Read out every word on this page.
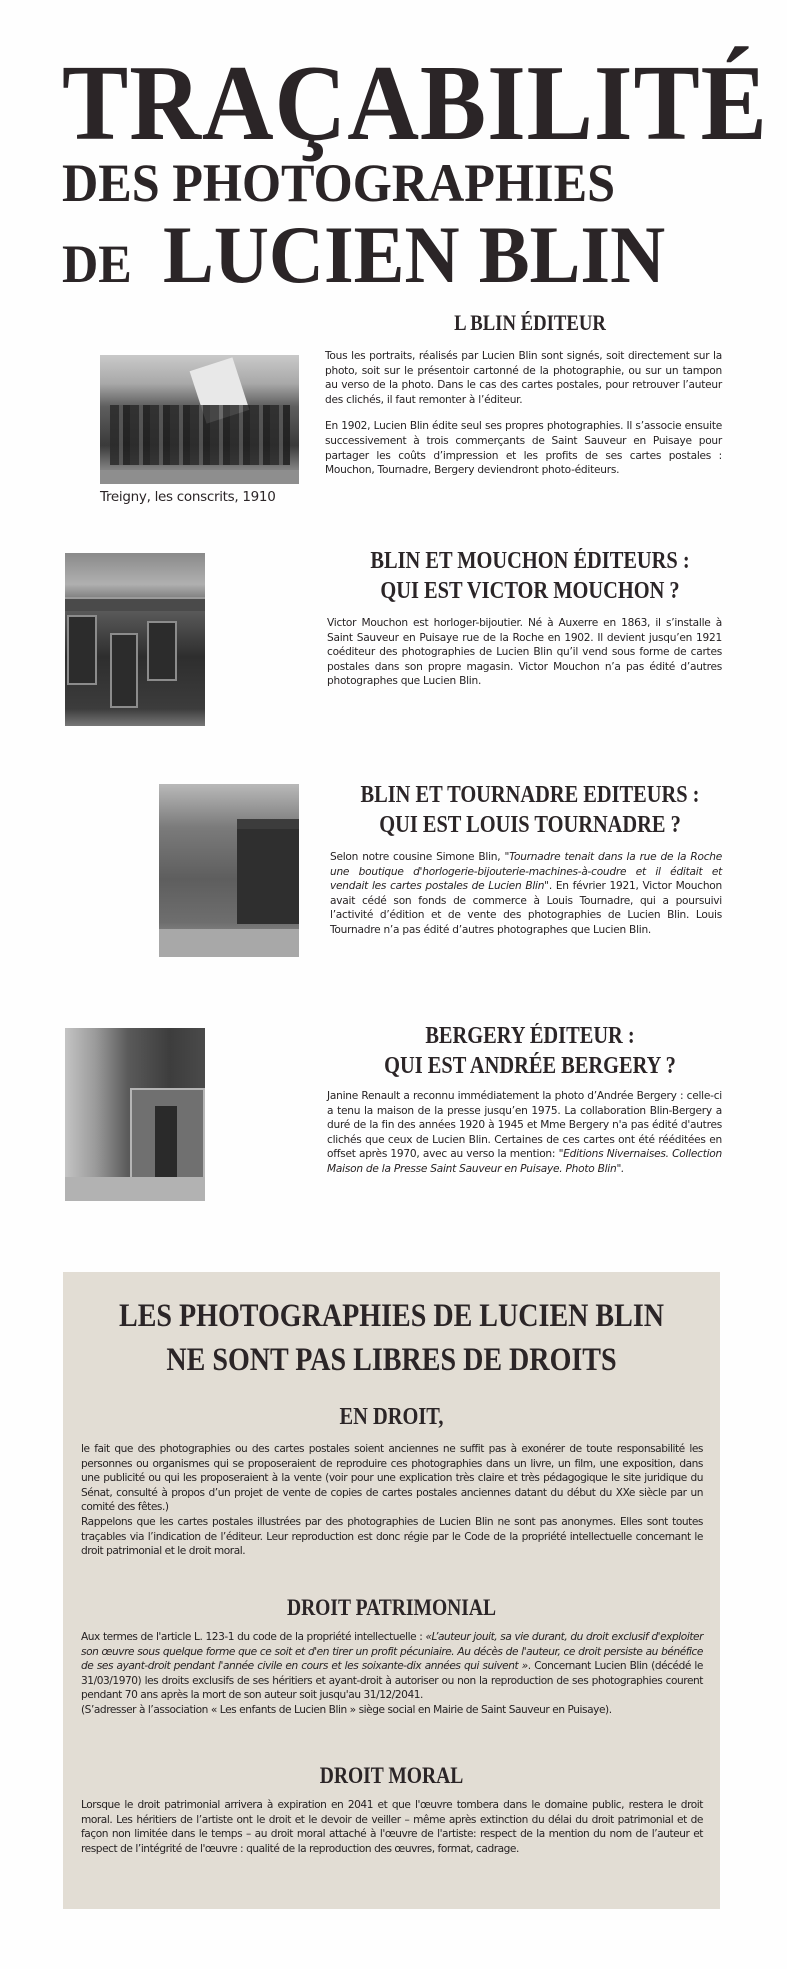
TRAÇABILITÉ
DES PHOTOGRAPHIES
DE LUCIEN BLIN
L BLIN ÉDITEUR
Treigny, les conscrits, 1910

Tous les portraits, réalisés par Lucien Blin sont signés, soit directement sur la photo, soit sur le présentoir cartonné de la photographie, ou sur un tampon au verso de la photo. Dans le cas des cartes postales, pour retrouver l’auteur des clichés, il faut remonter à l’éditeur.

En 1902, Lucien Blin édite seul ses propres photographies. Il s’associe ensuite successivement à trois commerçants de Saint Sauveur en Puisaye pour partager les coûts d’impression et les profits de ses cartes postales : Mouchon, Tournadre, Bergery deviendront photo-éditeurs.

BLIN ET MOUCHON ÉDITEURS :
QUI EST VICTOR MOUCHON ?
Victor Mouchon est horloger-bijoutier. Né à Auxerre en 1863, il s’installe à Saint Sauveur en Puisaye rue de la Roche en 1902. Il devient jusqu’en 1921 coéditeur des photographies de Lucien Blin qu’il vend sous forme de cartes postales dans son propre magasin. Victor Mouchon n’a pas édité d’autres photographes que Lucien Blin.
BLIN ET TOURNADRE EDITEURS :
QUI EST LOUIS TOURNADRE ?
Selon notre cousine Simone Blin, "Tournadre tenait dans la rue de la Roche une boutique d'horlogerie-bijouterie-machines-à-coudre et il éditait et vendait les cartes postales de Lucien Blin". En février 1921, Victor Mouchon avait cédé son fonds de commerce à Louis Tournadre, qui a poursuivi l’activité d’édition et de vente des photographies de Lucien Blin. Louis Tournadre n’a pas édité d’autres photographes que Lucien Blin.
BERGERY ÉDITEUR :
QUI EST ANDRÉE BERGERY ?
Janine Renault a reconnu immédiatement la photo d’Andrée Bergery : celle-ci a tenu la maison de la presse jusqu’en 1975. La collaboration Blin-Bergery a duré de la fin des années 1920 à 1945 et Mme Bergery n'a pas édité d'autres clichés que ceux de Lucien Blin. Certaines de ces cartes ont été rééditées en offset après 1970, avec au verso la mention: "Editions Nivernaises. Collection Maison de la Presse Saint Sauveur en Puisaye. Photo Blin".
LES PHOTOGRAPHIES DE LUCIEN BLIN
NE SONT PAS LIBRES DE DROITS
EN DROIT,
le fait que des photographies ou des cartes postales soient anciennes ne suffit pas à exonérer de toute responsabilité les personnes ou organismes qui se proposeraient de reproduire ces photographies dans un livre, un film, une exposition, dans une publicité ou qui les proposeraient à la vente (voir pour une explication très claire et très pédagogique le site juridique du Sénat, consulté à propos d’un projet de vente de copies de cartes postales anciennes datant du début du XXe siècle par un comité des fêtes.)
Rappelons que les cartes postales illustrées par des photographies de Lucien Blin ne sont pas anonymes. Elles sont toutes traçables via l’indication de l’éditeur. Leur reproduction est donc régie par le Code de la propriété intellectuelle concernant le droit patrimonial et le droit moral.
DROIT PATRIMONIAL
Aux termes de l'article L. 123-1 du code de la propriété intellectuelle : «L’auteur jouit, sa vie durant, du droit exclusif d'exploiter son œuvre sous quelque forme que ce soit et d'en tirer un profit pécuniaire. Au décès de l'auteur, ce droit persiste au bénéfice de ses ayant-droit pendant l'année civile en cours et les soixante-dix années qui suivent ». Concernant Lucien Blin (décédé le 31/03/1970) les droits exclusifs de ses héritiers et ayant-droit à autoriser ou non la reproduction de ses photographies courent pendant 70 ans après la mort de son auteur soit jusqu'au 31/12/2041.
(S’adresser à l’association « Les enfants de Lucien Blin » siège social en Mairie de Saint Sauveur en Puisaye).
DROIT MORAL
Lorsque le droit patrimonial arrivera à expiration en 2041 et que l'œuvre tombera dans le domaine public, restera le droit moral. Les héritiers de l’artiste ont le droit et le devoir de veiller – même après extinction du délai du droit patrimonial et de façon non limitée dans le temps – au droit moral attaché à l'œuvre de l'artiste: respect de la mention du nom de l’auteur et respect de l’intégrité de l'œuvre : qualité de la reproduction des œuvres, format, cadrage.
